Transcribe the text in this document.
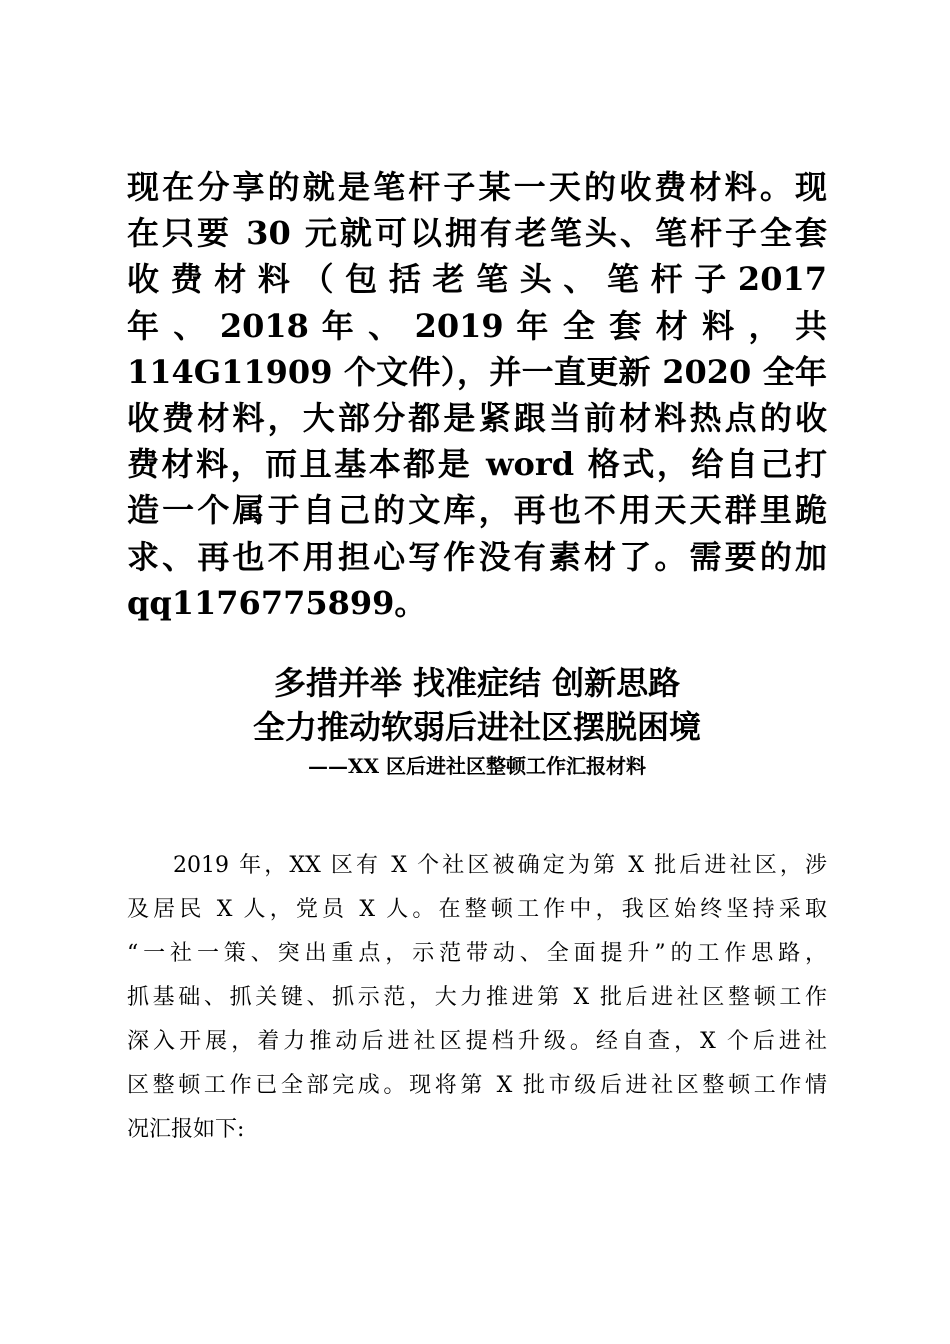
现在分享的就是笔杆子某一天的收费材料。现
在只要 30 元就可以拥有老笔头、笔杆子全套
收 费 材 料 （ 包 括 老 笔 头 、 笔 杆 子 2017
年 、 2018 年 、 2019 年 全 套 材 料 ， 共
114G11909 个文件），并一直更新 2020 全年
收费材料，大部分都是紧跟当前材料热点的收
费材料，而且基本都是 word 格式，给自己打
造一个属于自己的文库，再也不用天天群里跪
求、再也不用担心写作没有素材了。需要的加
qq1176775899。
多措并举 找准症结 创新思路
全力推动软弱后进社区摆脱困境
——XX 区后进社区整顿工作汇报材料
2019 年，XX 区有 X 个社区被确定为第 X 批后进社区，涉
及居民 X 人，党员 X 人。在整顿工作中，我区始终坚持采取
“一社一策、突出重点，示范带动、全面提升”的工作思路，
抓基础、抓关键、抓示范，大力推进第 X 批后进社区整顿工作
深入开展，着力推动后进社区提档升级。经自查，X 个后进社
区整顿工作已全部完成。现将第 X 批市级后进社区整顿工作情
况汇报如下:
